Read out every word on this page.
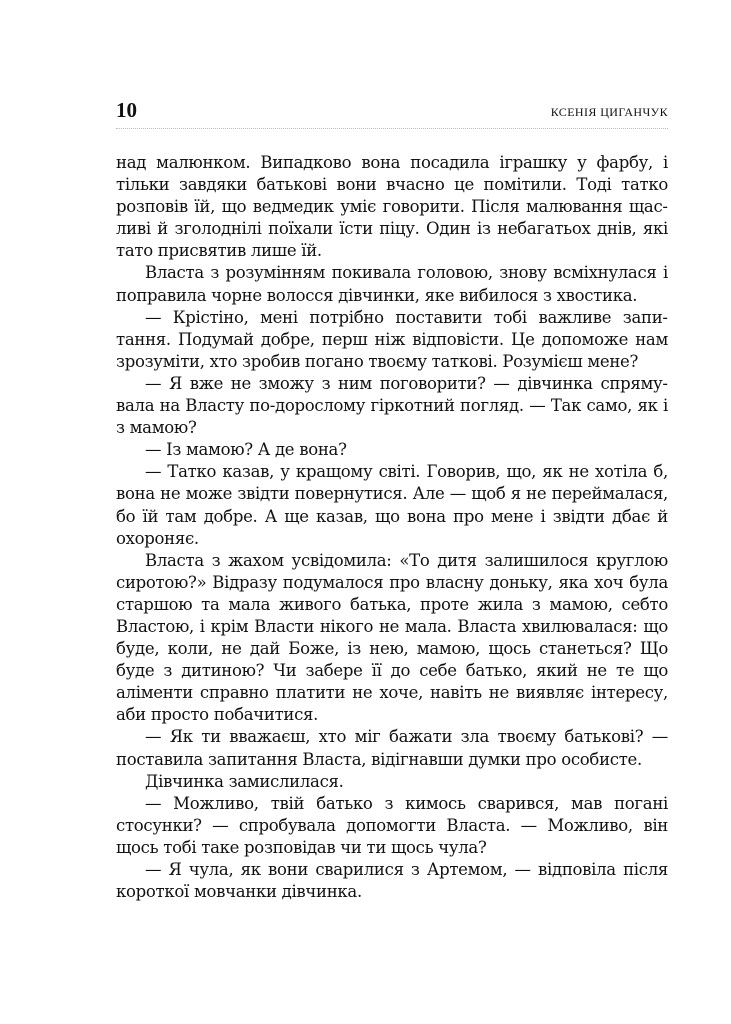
10	КСЕНІЯ ЦИГАНЧУК

над малюнком. Випадково вона посадила іграшку у фарбу, і тільки завдяки батькові вони вчасно це помітили. Тоді татко розповів їй, що ведмедик уміє говорити. Після малювання щасливі й зголоднілі поїхали їсти піцу. Один із небагатьох днів, які тато присвятив лише їй.

Власта з розумінням покивала головою, знову всміхнулася і поправила чорне волосся дівчинки, яке вибилося з хвостика.

— Крістіно, мені потрібно поставити тобі важливе запитання. Подумай добре, перш ніж відповісти. Це допоможе нам зрозуміти, хто зробив погано твоєму таткові. Розумієш мене?

— Я вже не зможу з ним поговорити? — дівчинка спрямувала на Власту по-дорослому гіркотний погляд. — Так само, як і з мамою?

— Із мамою? А де вона?

— Татко казав, у кращому світі. Говорив, що, як не хотіла б, вона не може звідти повернутися. Але — щоб я не переймалася, бо їй там добре. А ще казав, що вона про мене і звідти дбає й охороняє.

Власта з жахом усвідомила: «То дитя залишилося круглою сиротою?» Відразу подумалося про власну доньку, яка хоч була старшою та мала живого батька, проте жила з мамою, себто Властою, і крім Власти нікого не мала. Власта хвилювалася: що буде, коли, не дай Боже, із нею, мамою, щось станеться? Що буде з дитиною? Чи забере її до себе батько, який не те що аліменти справно платити не хоче, навіть не виявляє інтересу, аби просто побачитися.

— Як ти вважаєш, хто міг бажати зла твоєму батькові? — поставила запитання Власта, відігнавши думки про особисте.

Дівчинка замислилася.

— Можливо, твій батько з кимось сварився, мав погані стосунки? — спробувала допомогти Власта. — Можливо, він щось тобі таке розповідав чи ти щось чула?

— Я чула, як вони сварилися з Артемом, — відповіла після короткої мовчанки дівчинка.
